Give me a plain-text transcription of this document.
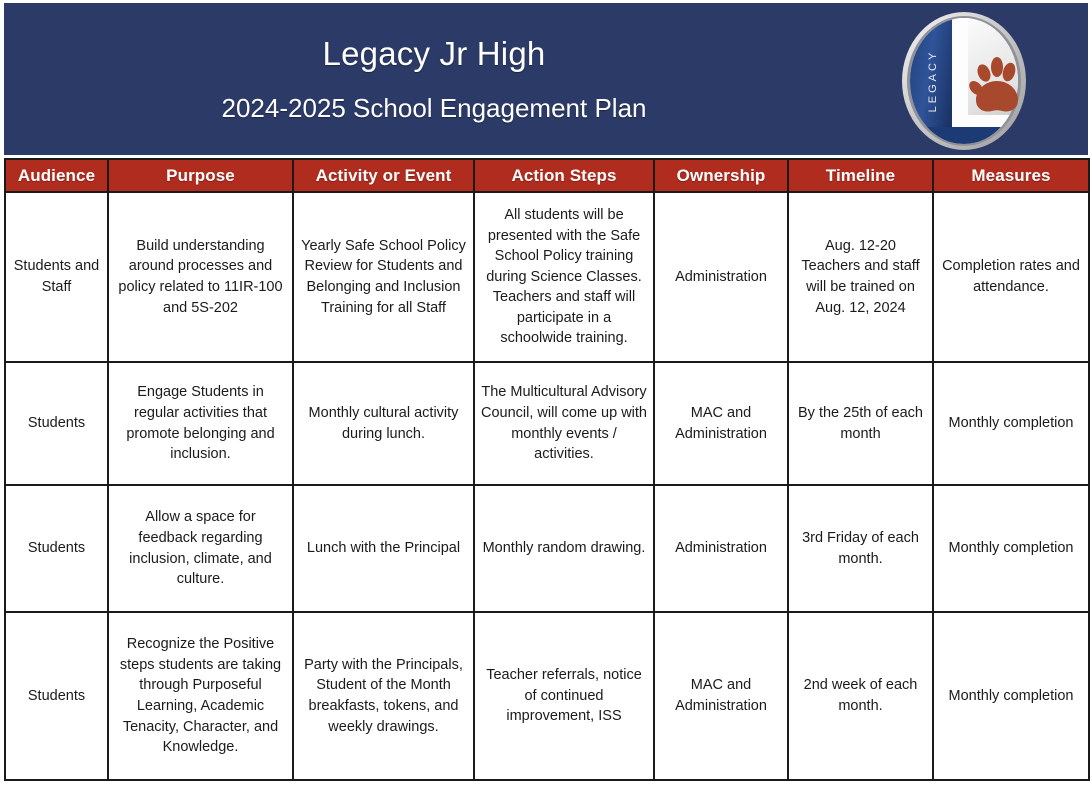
Legacy Jr High
2024-2025 School Engagement Plan	LEGACY
Audience	Purpose	Activity or Event	Action Steps	Ownership	Timeline	Measures
Students and Staff	Build understanding around processes and policy related to 11IR-100 and 5S-202	Yearly Safe School Policy Review for Students and Belonging and Inclusion Training for all Staff	All students will be presented with the Safe School Policy training during Science Classes. Teachers and staff will participate in a schoolwide training.	Administration	Aug. 12-20 Teachers and staff will be trained on Aug. 12, 2024	Completion rates and attendance.
Students	Engage Students in regular activities that promote belonging and inclusion.	Monthly cultural activity during lunch.	The Multicultural Advisory Council, will come up with monthly events / activities.	MAC and Administration	By the 25th of each month	Monthly completion
Students	Allow a space for feedback regarding inclusion, climate, and culture.	Lunch with the Principal	Monthly random drawing.	Administration	3rd Friday of each month.	Monthly completion
Students	Recognize the Positive steps students are taking through Purposeful Learning, Academic Tenacity, Character, and Knowledge.	Party with the Principals, Student of the Month breakfasts, tokens, and weekly drawings.	Teacher referrals, notice of continued improvement, ISS	MAC and Administration	2nd week of each month.	Monthly completion
